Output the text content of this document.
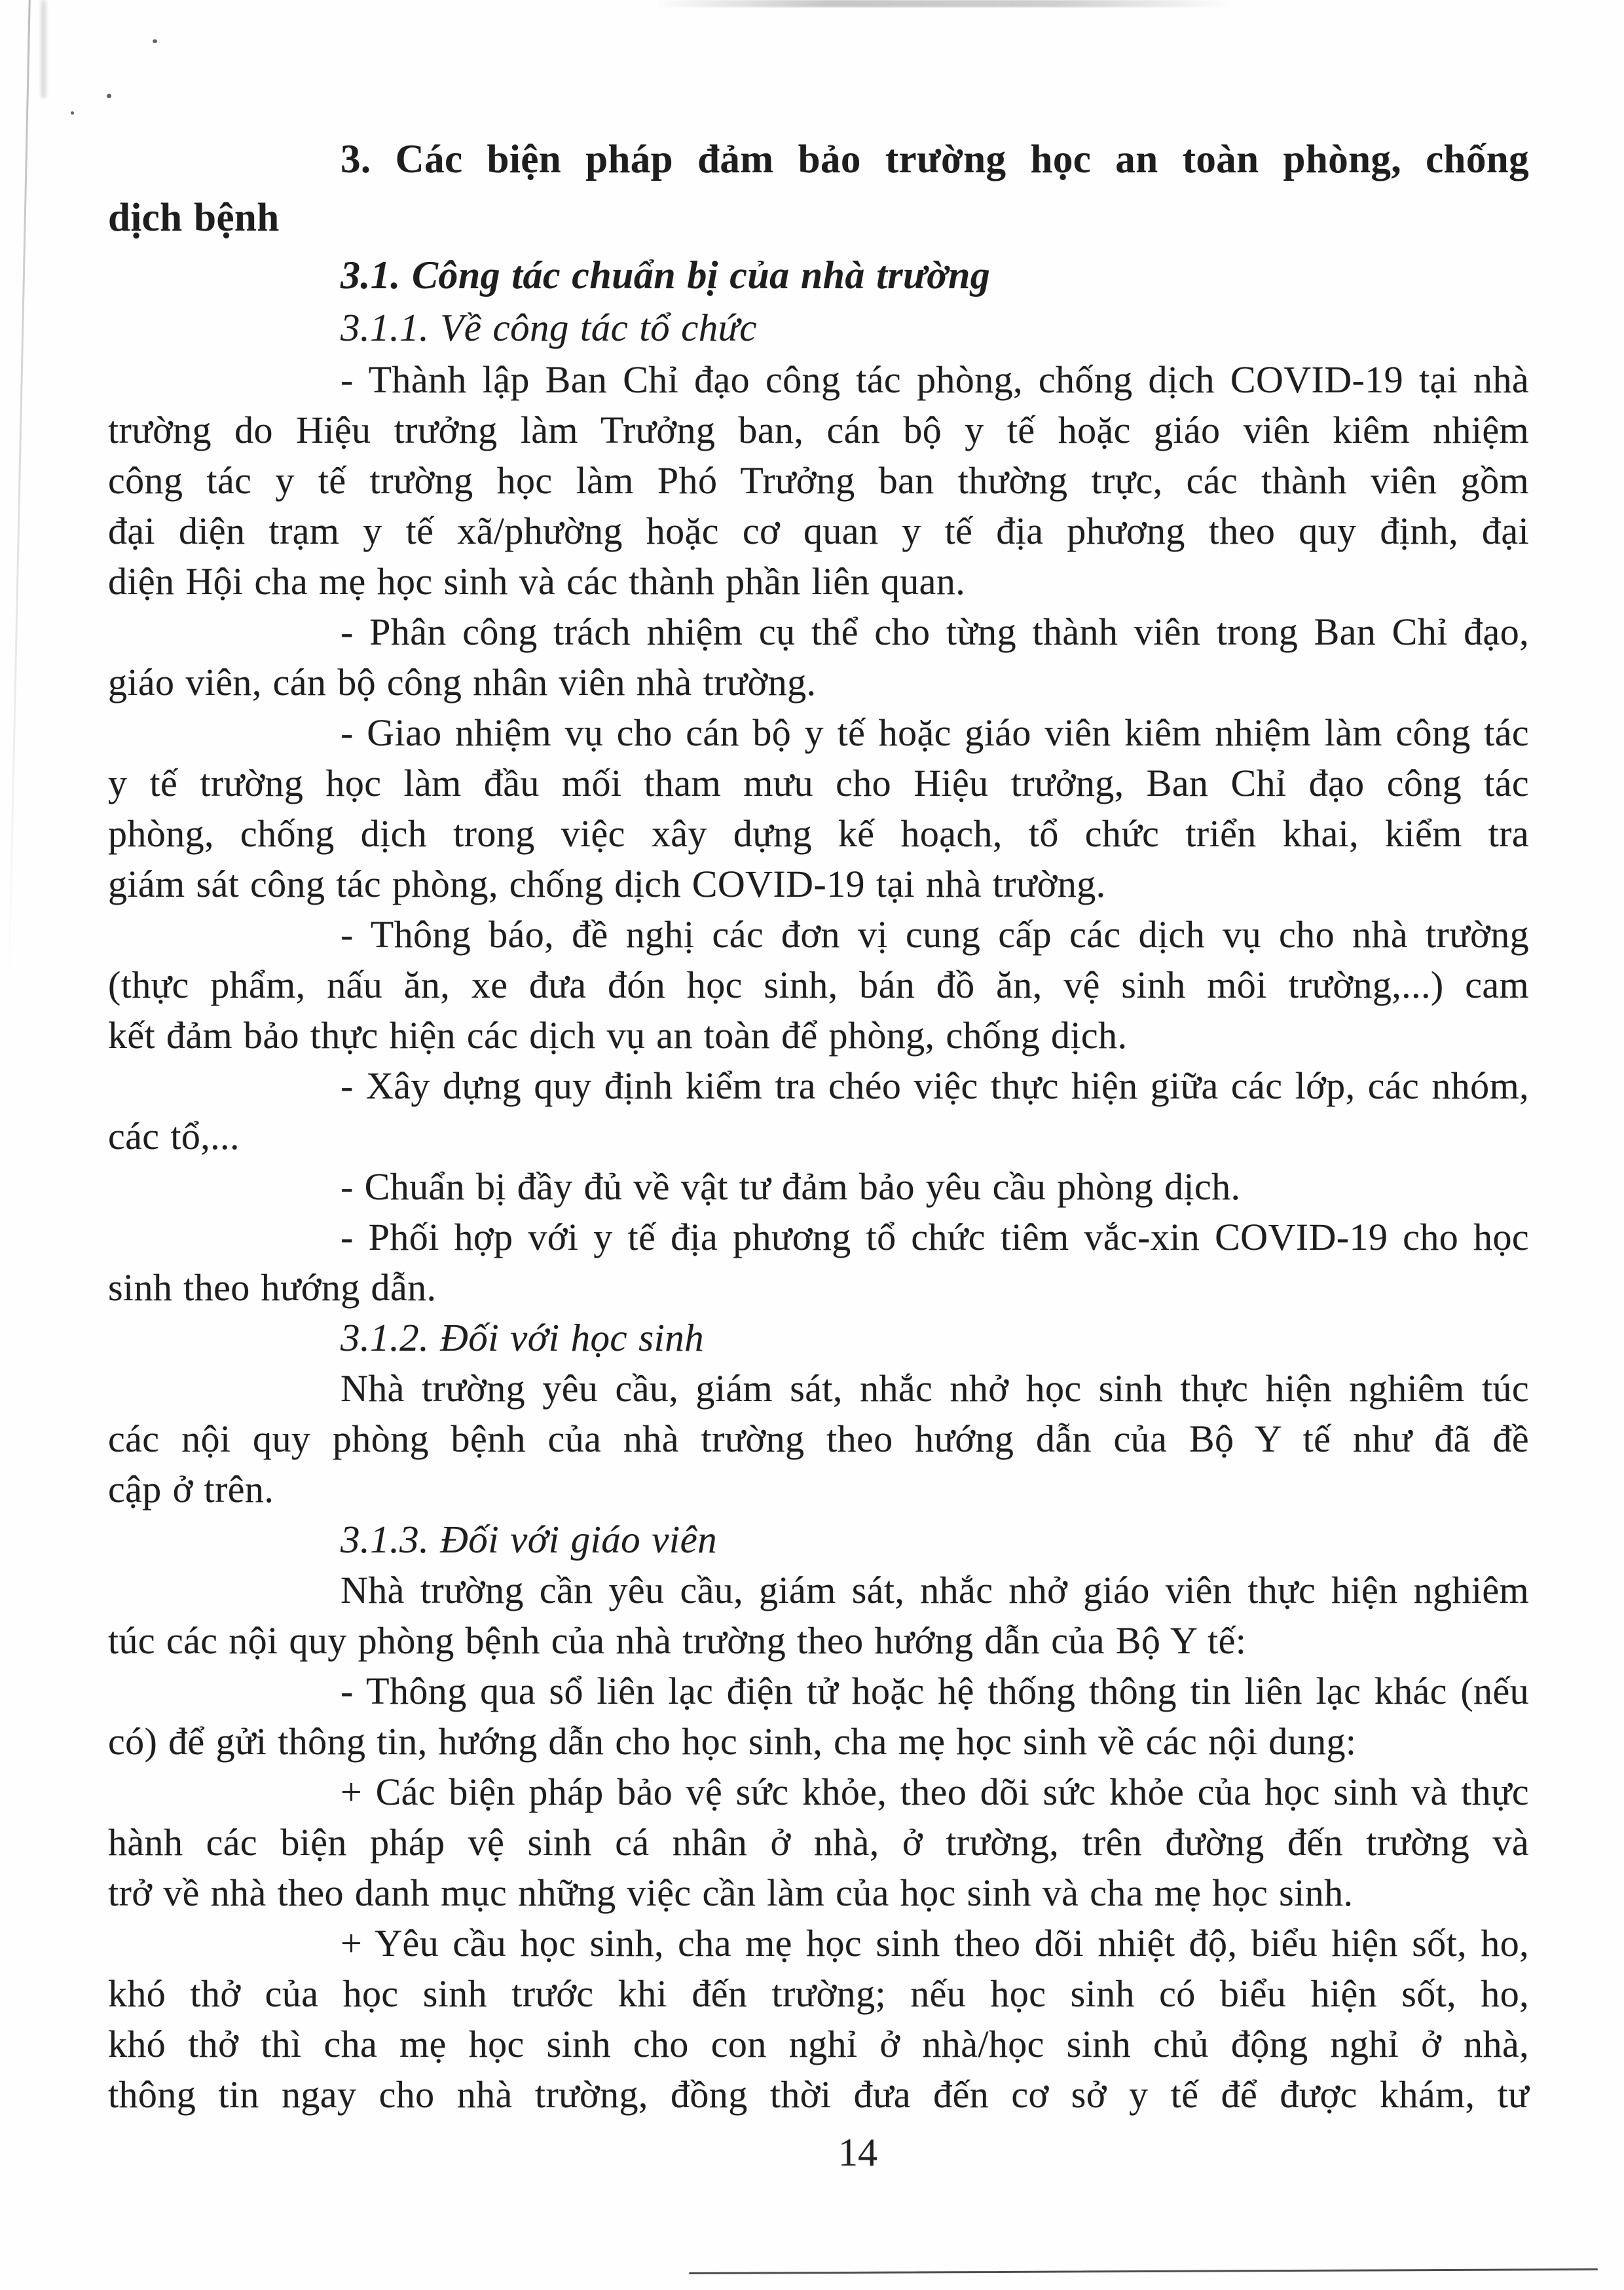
3. Các biện pháp đảm bảo trường học an toàn phòng, chống
dịch bệnh
3.1. Công tác chuẩn bị của nhà trường
3.1.1. Về công tác tổ chức
- Thành lập Ban Chỉ đạo công tác phòng, chống dịch COVID-19 tại nhà
trường do Hiệu trưởng làm Trưởng ban, cán bộ y tế hoặc giáo viên kiêm nhiệm
công tác y tế trường học làm Phó Trưởng ban thường trực, các thành viên gồm
đại diện trạm y tế xã/phường hoặc cơ quan y tế địa phương theo quy định, đại
diện Hội cha mẹ học sinh và các thành phần liên quan.
- Phân công trách nhiệm cụ thể cho từng thành viên trong Ban Chỉ đạo,
giáo viên, cán bộ công nhân viên nhà trường.
- Giao nhiệm vụ cho cán bộ y tế hoặc giáo viên kiêm nhiệm làm công tác
y tế trường học làm đầu mối tham mưu cho Hiệu trưởng, Ban Chỉ đạo công tác
phòng, chống dịch trong việc xây dựng kế hoạch, tổ chức triển khai, kiểm tra
giám sát công tác phòng, chống dịch COVID-19 tại nhà trường.
- Thông báo, đề nghị các đơn vị cung cấp các dịch vụ cho nhà trường
(thực phẩm, nấu ăn, xe đưa đón học sinh, bán đồ ăn, vệ sinh môi trường,...) cam
kết đảm bảo thực hiện các dịch vụ an toàn để phòng, chống dịch.
- Xây dựng quy định kiểm tra chéo việc thực hiện giữa các lớp, các nhóm,
các tổ,...
- Chuẩn bị đầy đủ về vật tư đảm bảo yêu cầu phòng dịch.
- Phối hợp với y tế địa phương tổ chức tiêm vắc-xin COVID-19 cho học
sinh theo hướng dẫn.
3.1.2. Đối với học sinh
Nhà trường yêu cầu, giám sát, nhắc nhở học sinh thực hiện nghiêm túc
các nội quy phòng bệnh của nhà trường theo hướng dẫn của Bộ Y tế như đã đề
cập ở trên.
3.1.3. Đối với giáo viên
Nhà trường cần yêu cầu, giám sát, nhắc nhở giáo viên thực hiện nghiêm
túc các nội quy phòng bệnh của nhà trường theo hướng dẫn của Bộ Y tế:
- Thông qua sổ liên lạc điện tử hoặc hệ thống thông tin liên lạc khác (nếu
có) để gửi thông tin, hướng dẫn cho học sinh, cha mẹ học sinh về các nội dung:
+ Các biện pháp bảo vệ sức khỏe, theo dõi sức khỏe của học sinh và thực
hành các biện pháp vệ sinh cá nhân ở nhà, ở trường, trên đường đến trường và
trở về nhà theo danh mục những việc cần làm của học sinh và cha mẹ học sinh.
+ Yêu cầu học sinh, cha mẹ học sinh theo dõi nhiệt độ, biểu hiện sốt, ho,
khó thở của học sinh trước khi đến trường; nếu học sinh có biểu hiện sốt, ho,
khó thở thì cha mẹ học sinh cho con nghỉ ở nhà/học sinh chủ động nghỉ ở nhà,
thông tin ngay cho nhà trường, đồng thời đưa đến cơ sở y tế để được khám, tư
14
